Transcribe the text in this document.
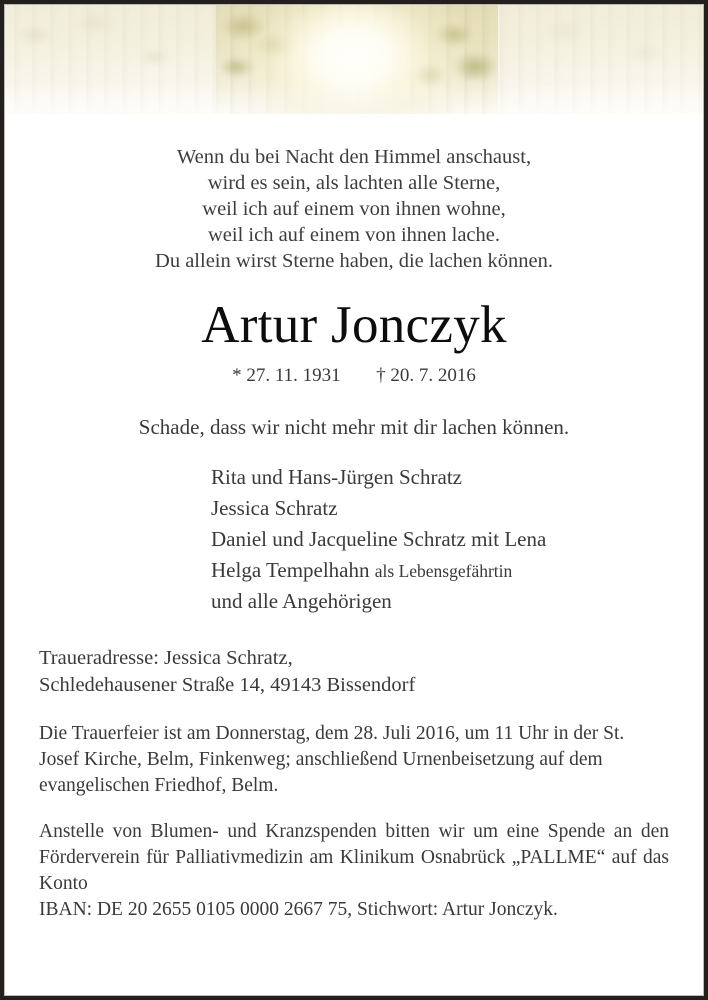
Wenn du bei Nacht den Himmel anschaust,
wird es sein, als lachten alle Sterne,
weil ich auf einem von ihnen wohne,
weil ich auf einem von ihnen lache.
Du allein wirst Sterne haben, die lachen können.
Artur Jonczyk
* 27. 11. 1931 † 20. 7. 2016
Schade, dass wir nicht mehr mit dir lachen können.
Rita und Hans-Jürgen Schratz
Jessica Schratz
Daniel und Jacqueline Schratz mit Lena
Helga Tempelhahn als Lebensgefährtin
und alle Angehörigen
Traueradresse: Jessica Schratz,
Schledehausener Straße 14, 49143 Bissendorf
Die Trauerfeier ist am Donnerstag, dem 28. Juli 2016, um 11 Uhr in der St. Josef Kirche, Belm, Finkenweg; anschließend Urnenbeisetzung auf dem evangelischen Friedhof, Belm.
Anstelle von Blumen- und Kranzspenden bitten wir um eine Spende an den Förderverein für Palliativmedizin am Klinikum Osnabrück „PALLME“ auf das Konto
IBAN: DE 20 2655 0105 0000 2667 75, Stichwort: Artur Jonczyk.
